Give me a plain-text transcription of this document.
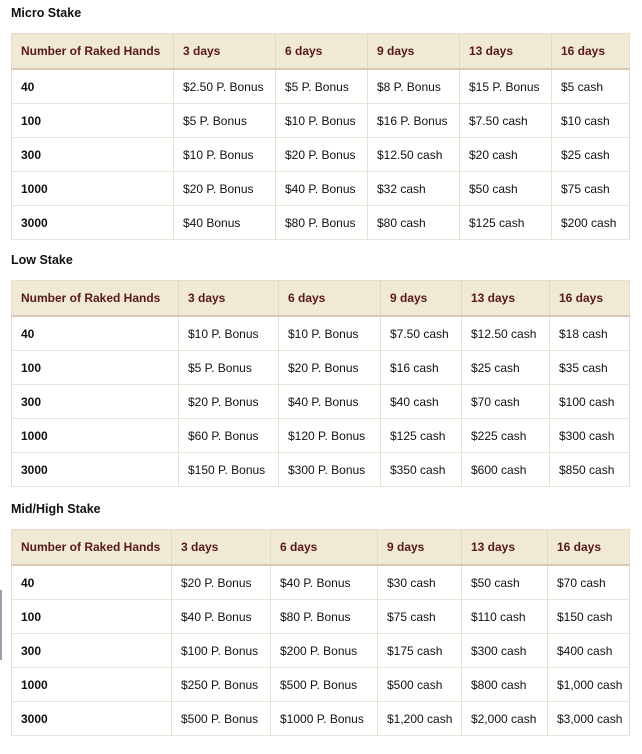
Micro Stake
Number of Raked Hands	3 days	6 days	9 days	13 days	16 days
40	$2.50 P. Bonus	$5 P. Bonus	$8 P. Bonus	$15 P. Bonus	$5 cash
100	$5 P. Bonus	$10 P. Bonus	$16 P. Bonus	$7.50 cash	$10 cash
300	$10 P. Bonus	$20 P. Bonus	$12.50 cash	$20 cash	$25 cash
1000	$20 P. Bonus	$40 P. Bonus	$32 cash	$50 cash	$75 cash
3000	$40 Bonus	$80 P. Bonus	$80 cash	$125 cash	$200 cash
Low Stake
Number of Raked Hands	3 days	6 days	9 days	13 days	16 days
40	$10 P. Bonus	$10 P. Bonus	$7.50 cash	$12.50 cash	$18 cash
100	$5 P. Bonus	$20 P. Bonus	$16 cash	$25 cash	$35 cash
300	$20 P. Bonus	$40 P. Bonus	$40 cash	$70 cash	$100 cash
1000	$60 P. Bonus	$120 P. Bonus	$125 cash	$225 cash	$300 cash
3000	$150 P. Bonus	$300 P. Bonus	$350 cash	$600 cash	$850 cash
Mid/High Stake
Number of Raked Hands	3 days	6 days	9 days	13 days	16 days
40	$20 P. Bonus	$40 P. Bonus	$30 cash	$50 cash	$70 cash
100	$40 P. Bonus	$80 P. Bonus	$75 cash	$110 cash	$150 cash
300	$100 P. Bonus	$200 P. Bonus	$175 cash	$300 cash	$400 cash
1000	$250 P. Bonus	$500 P. Bonus	$500 cash	$800 cash	$1,000 cash
3000	$500 P. Bonus	$1000 P. Bonus	$1,200 cash	$2,000 cash	$3,000 cash
